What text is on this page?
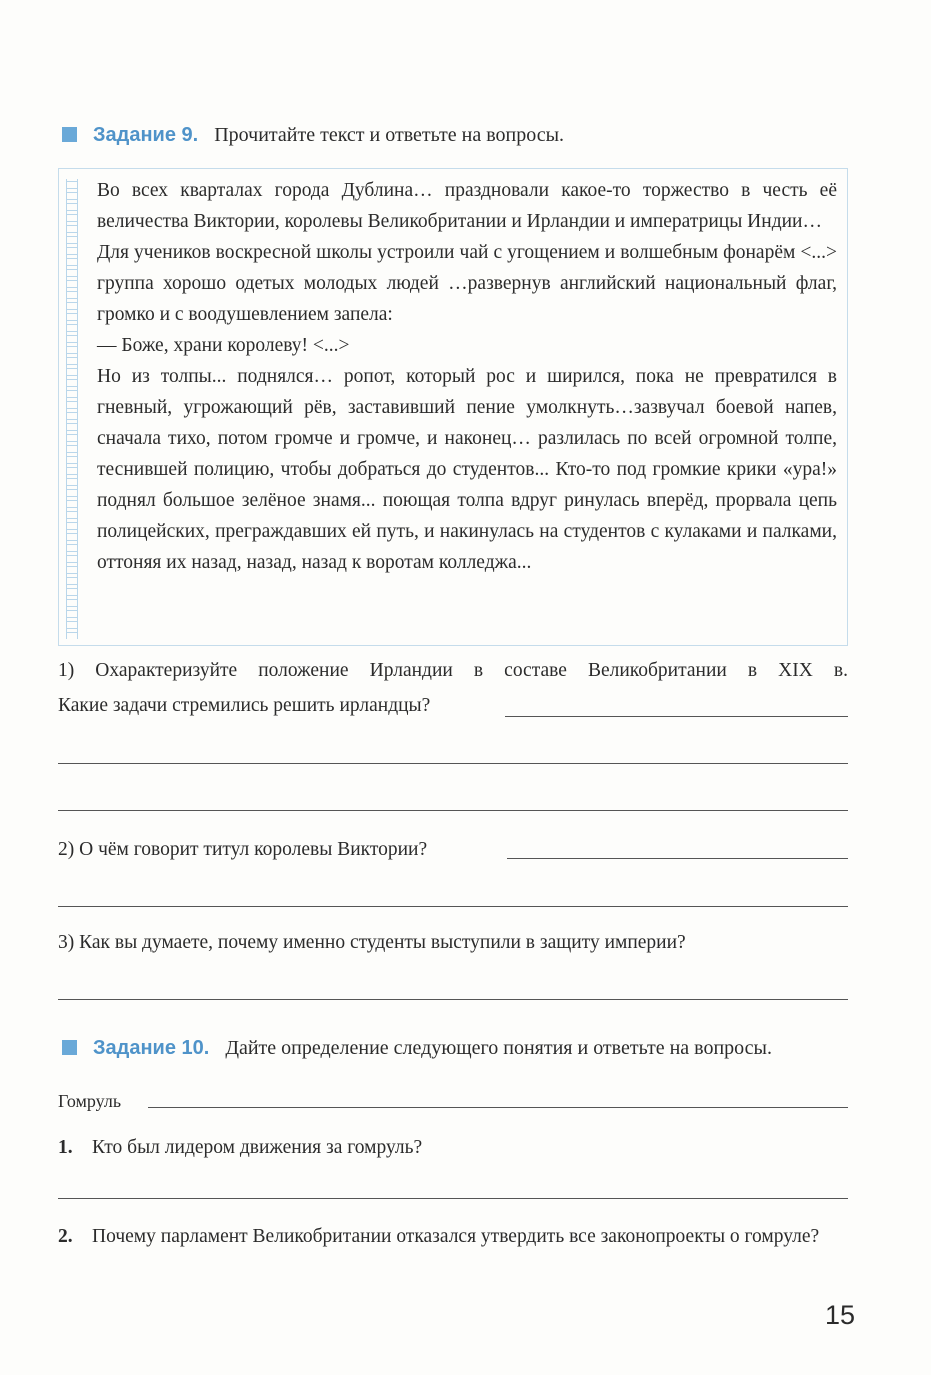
Задание 9. Прочитайте текст и ответьте на вопросы.

Во всех кварталах города Дублина… праздновали какое-то торжество в честь её величества Виктории, королевы Великобритании и Ирландии и императрицы Индии…

Для учеников воскресной школы устроили чай с угощением и волшебным фонарём <...> группа хорошо одетых молодых людей …развернув английский национальный флаг, громко и с воодушевлением запела:

— Боже, храни королеву! <...>

Но из толпы... поднялся… ропот, который рос и ширился, пока не превратился в гневный, угрожающий рёв, заставивший пение умолкнуть…зазвучал боевой напев, сначала тихо, потом громче и громче, и наконец… разлилась по всей огромной толпе, теснившей полицию, чтобы добраться до студентов... Кто-то под громкие крики «ура!» поднял большое зелёное знамя... поющая толпа вдруг ринулась вперёд, прорвала цепь полицейских, преграждавших ей путь, и накинулась на студентов с кулаками и палками, оттоняя их назад, назад, назад к воротам колледжа...

1) Охарактеризуйте положение Ирландии в составе Великобритании в XIX в.
Какие задачи стремились решить ирландцы?
2) О чём говорит титул королевы Виктории?
3) Как вы думаете, почему именно студенты выступили в защиту империи?
Задание 10. Дайте определение следующего понятия и ответьте на вопросы.
Гомруль
1. Кто был лидером движения за гомруль?
2. Почему парламент Великобритании отказался утвердить все законопроекты о гомруле?
15
